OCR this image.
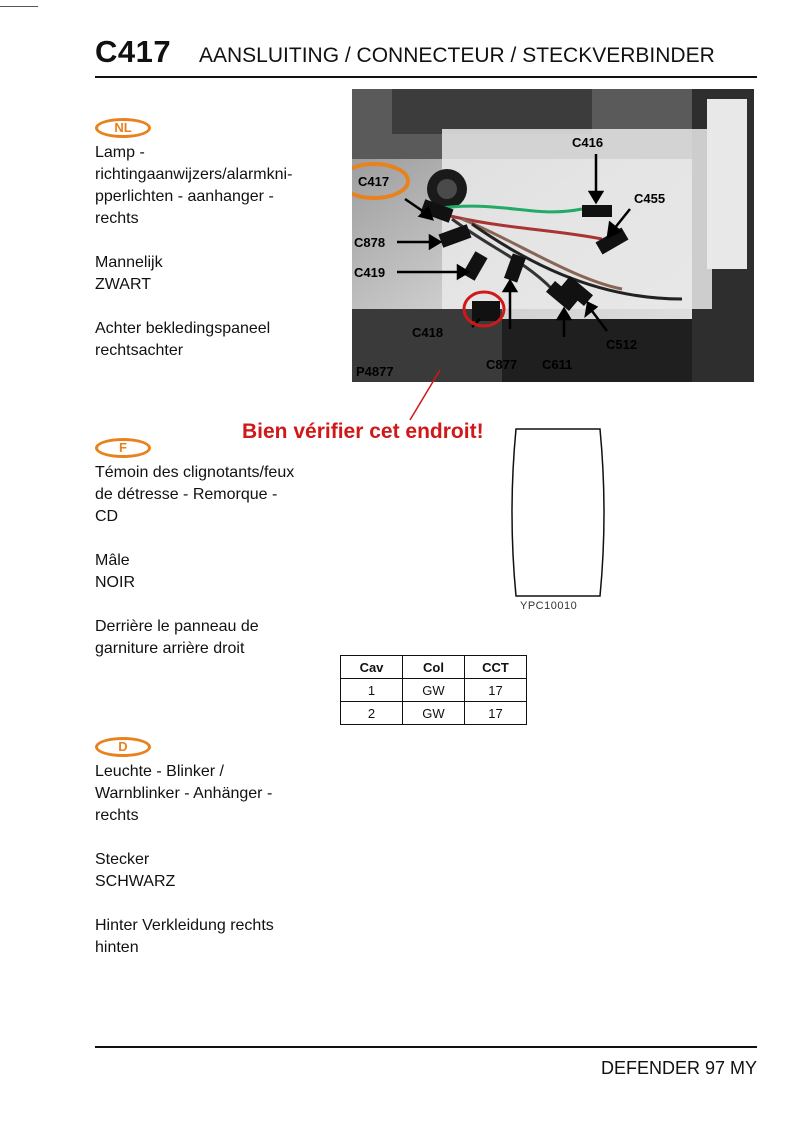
C417 AANSLUITING / CONNECTEUR / STECKVERBINDER
NL

Lamp -
richtingaanwijzers/alarmkni-
pperlichten - aanhanger -
rechts

Mannelijk
ZWART

Achter bekledingspaneel
rechtsachter

F

Témoin des clignotants/feux
de détresse - Remorque -
CD

Mâle
NOIR

Derrière le panneau de
garniture arrière droit

D

Leuchte - Blinker /
Warnblinker - Anhänger -
rechts

Stecker
SCHWARZ

Hinter Verkleidung rechts
hinten

C417
C416
C455
C878
C419
C418
C877 C611
C512
P4877
Bien vérifier cet endroit!
YPC10010
Cav	Col	CCT
1	GW	17
2	GW	17
DEFENDER 97 MY
